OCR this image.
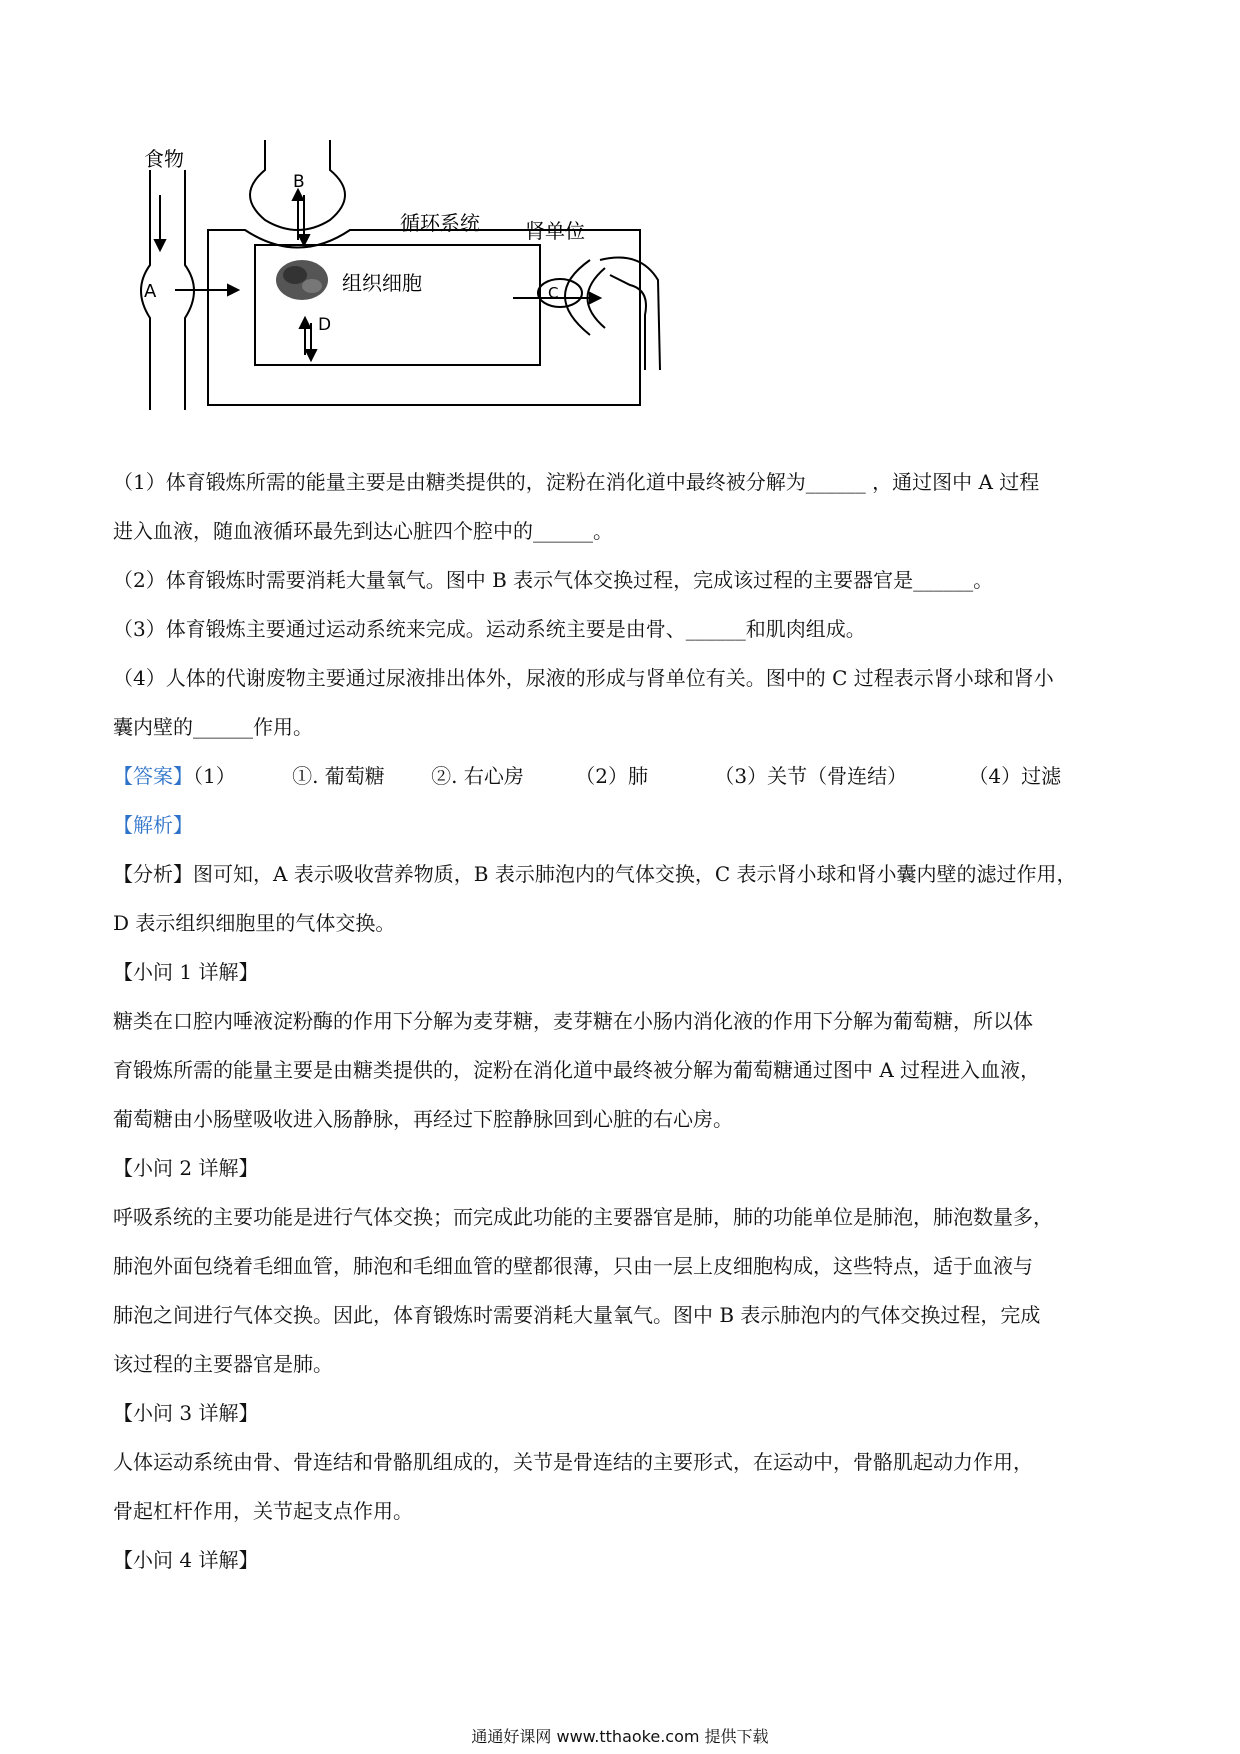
食物
A
B
C
D
循环系统
组织细胞
肾单位

（1）体育锻炼所需的能量主要是由糖类提供的，淀粉在消化道中最终被分解为______ ，通过图中 A 过程

进入血液，随血液循环最先到达心脏四个腔中的______。

（2）体育锻炼时需要消耗大量氧气。图中 B 表示气体交换过程，完成该过程的主要器官是______。

（3）体育锻炼主要通过运动系统来完成。运动系统主要是由骨、______和肌肉组成。

（4）人体的代谢废物主要通过尿液排出体外，尿液的形成与肾单位有关。图中的 C 过程表示肾小球和肾小

囊内壁的______作用。

【答案】（1）	①. 葡萄糖 ②. 右心房	（2）肺	（3）关节（骨连结）	（4）过滤

【解析】

【分析】图可知，A 表示吸收营养物质，B 表示肺泡内的气体交换，C 表示肾小球和肾小囊内壁的滤过作用，

D 表示组织细胞里的气体交换。

【小问 1 详解】

糖类在口腔内唾液淀粉酶的作用下分解为麦芽糖，麦芽糖在小肠内消化液的作用下分解为葡萄糖，所以体

育锻炼所需的能量主要是由糖类提供的，淀粉在消化道中最终被分解为葡萄糖通过图中 A 过程进入血液，

葡萄糖由小肠壁吸收进入肠静脉，再经过下腔静脉回到心脏的右心房。

【小问 2 详解】

呼吸系统的主要功能是进行气体交换；而完成此功能的主要器官是肺，肺的功能单位是肺泡，肺泡数量多，

肺泡外面包绕着毛细血管，肺泡和毛细血管的壁都很薄，只由一层上皮细胞构成，这些特点，适于血液与

肺泡之间进行气体交换。因此，体育锻炼时需要消耗大量氧气。图中 B 表示肺泡内的气体交换过程，完成

该过程的主要器官是肺。

【小问 3 详解】

人体运动系统由骨、骨连结和骨骼肌组成的，关节是骨连结的主要形式，在运动中，骨骼肌起动力作用，

骨起杠杆作用，关节起支点作用。

【小问 4 详解】

通通好课网 www.tthaoke.com 提供下载
